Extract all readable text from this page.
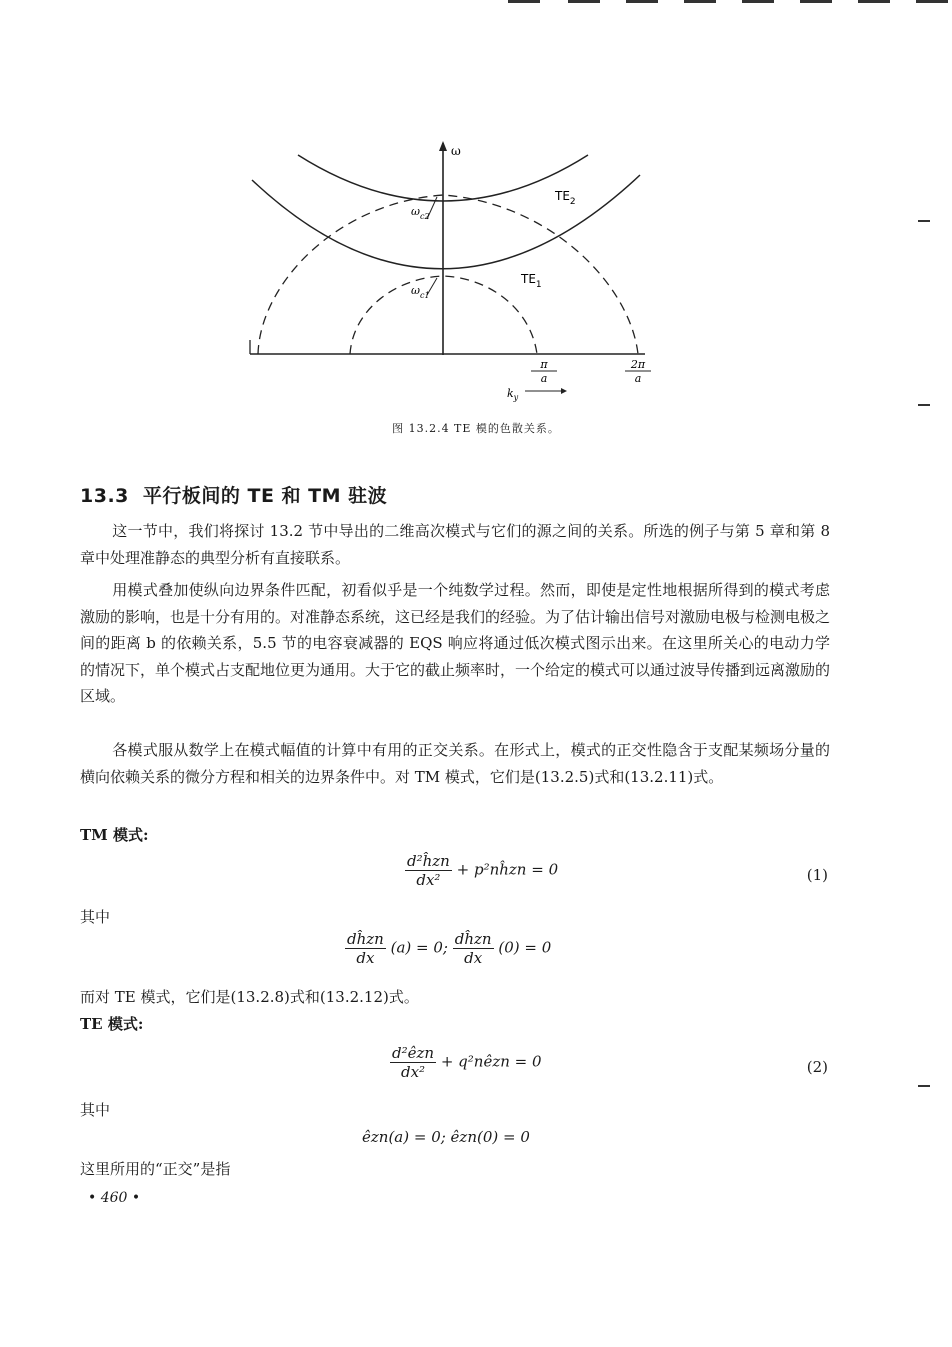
ω
$TE_2$
$TE_1$
$\omega_{c2}$
$\omega_{c1}$
π
a
2π
a
$k_y$
图 13.2.4 TE 模的色散关系。
13.3 平行板间的 TE 和 TM 驻波
这一节中，我们将探讨 13.2 节中导出的二维高次模式与它们的源之间的关系。所选的例子与第 5 章和第 8 章中处理准静态的典型分析有直接联系。
用模式叠加使纵向边界条件匹配，初看似乎是一个纯数学过程。然而，即使是定性地根据所得到的模式考虑激励的影响，也是十分有用的。对准静态系统，这已经是我们的经验。为了估计输出信号对激励电极与检测电极之间的距离 b 的依赖关系，5.5 节的电容衰减器的 EQS 响应将通过低次模式图示出来。在这里所关心的电动力学的情况下，单个模式占支配地位更为通用。大于它的截止频率时，一个给定的模式可以通过波导传播到远离激励的区域。
各模式服从数学上在模式幅值的计算中有用的正交关系。在形式上，模式的正交性隐含于支配某频场分量的横向依赖关系的微分方程和相关的边界条件中。对 TM 模式，它们是(13.2.5)式和(13.2.11)式。
TM 模式:
$\frac{\text{d²ĥzn}}{\text{dx²}}$ + p²nĥzn = 0	(1)
其中
$\frac{\text{dĥzn}}{dx} (a) = 0$; $\frac{\text{dĥzn}}{dx} (0) = 0$
而对 TE 模式，它们是(13.2.8)式和(13.2.12)式。
TE 模式:
$\frac{\text{d²êzn}}{\text{dx²}}$ + q²nêzn = 0	(2)
其中
êzn(a) = 0; êzn(0) = 0
这里所用的“正交”是指
• 460 •
